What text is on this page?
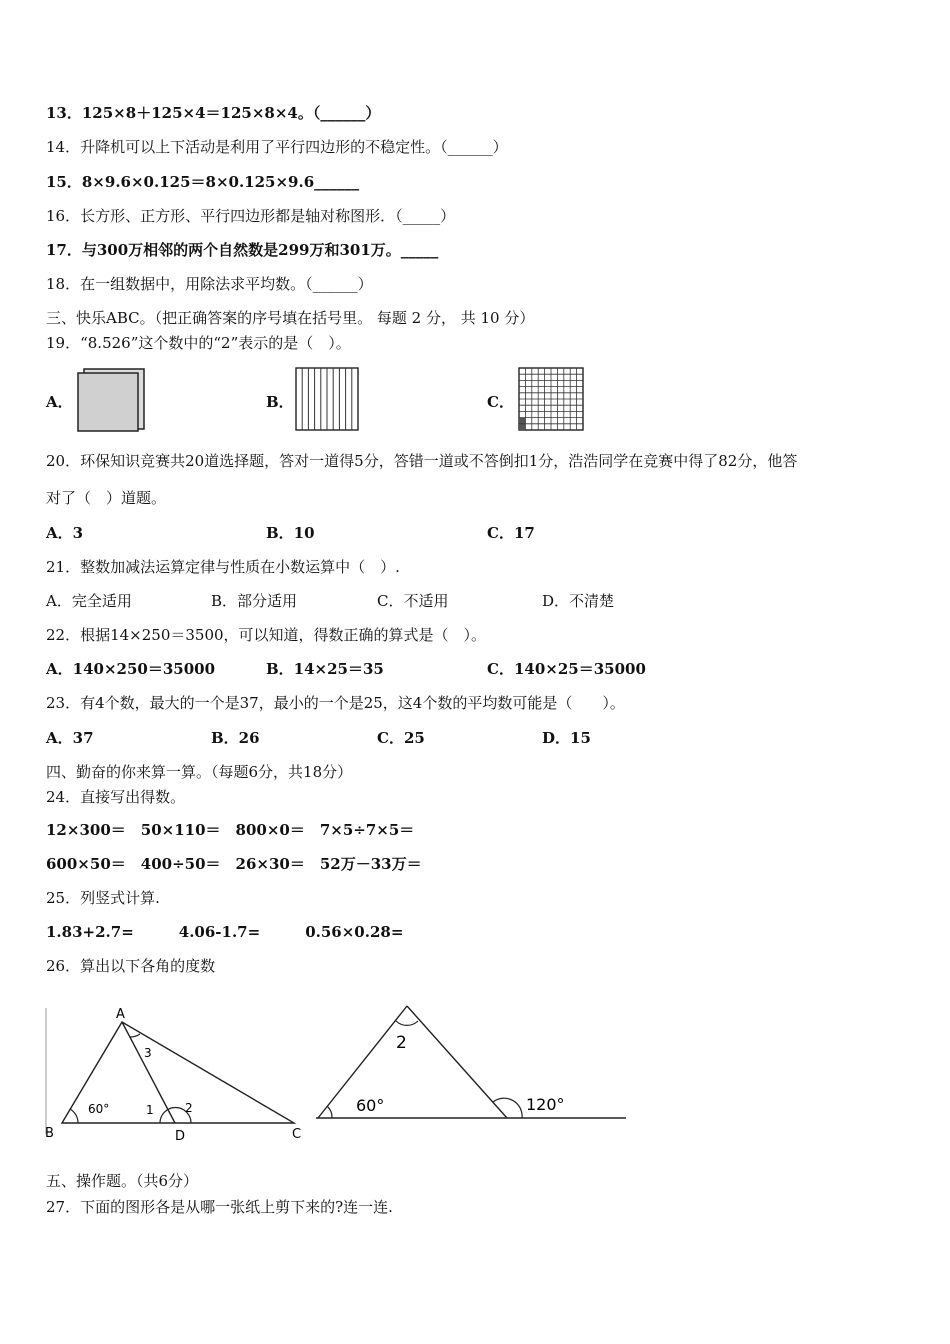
13．125×8＋125×4＝125×8×4。（______）
14．升降机可以上下活动是利用了平行四边形的不稳定性。（______）
15．8×9.6×0.125＝8×0.125×9.6______
16．长方形、正方形、平行四边形都是轴对称图形．（_____）
17．与300万相邻的两个自然数是299万和301万。_____
18．在一组数据中，用除法求平均数。（______）
三、快乐ABC。（把正确答案的序号填在括号里。 每题 2 分， 共 10 分）
19．“8.526”这个数中的“2”表示的是（　）。
A．	B．	C．
20．环保知识竞赛共20道选择题，答对一道得5分，答错一道或不答倒扣1分，浩浩同学在竞赛中得了82分，他答
对了（　）道题。
A．3	B．10	C．17
21．整数加减法运算定律与性质在小数运算中（　）.
A．完全适用	B．部分适用	C．不适用	D．不清楚
22．根据14×250＝3500，可以知道，得数正确的算式是（　）。
A．140×250＝35000	B．14×25＝35	C．140×25＝35000
23．有4个数，最大的一个是37，最小的一个是25，这4个数的平均数可能是（　　）。
A．37	B．26	C．25	D．15
四、勤奋的你来算一算。（每题6分，共18分）
24．直接写出得数。
12×300＝　50×110＝　800×0＝　7×5÷7×5＝
600×50＝　400÷50＝　26×30＝　52万－33万＝
25．列竖式计算.
1.83+2.7=　　　4.06-1.7=　　　0.56×0.28=
26．算出以下各角的度数
A
B	C
D
60°	1	2
3	2
60°	120°
五、操作题。（共6分）
27．下面的图形各是从哪一张纸上剪下来的?连一连.
